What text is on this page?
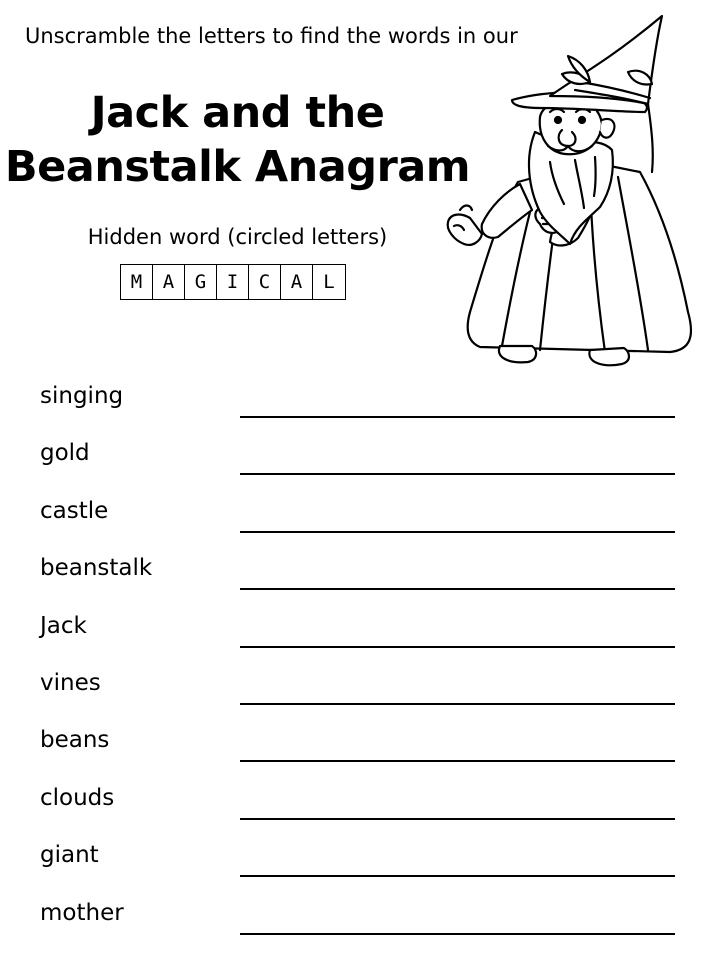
Unscramble the letters to find the words in our
Jack and the
Beanstalk Anagram
Hidden word (circled letters)
M	A	G	I	C	A	L
singing
gold
castle
beanstalk
Jack
vines
beans
clouds
giant
mother
